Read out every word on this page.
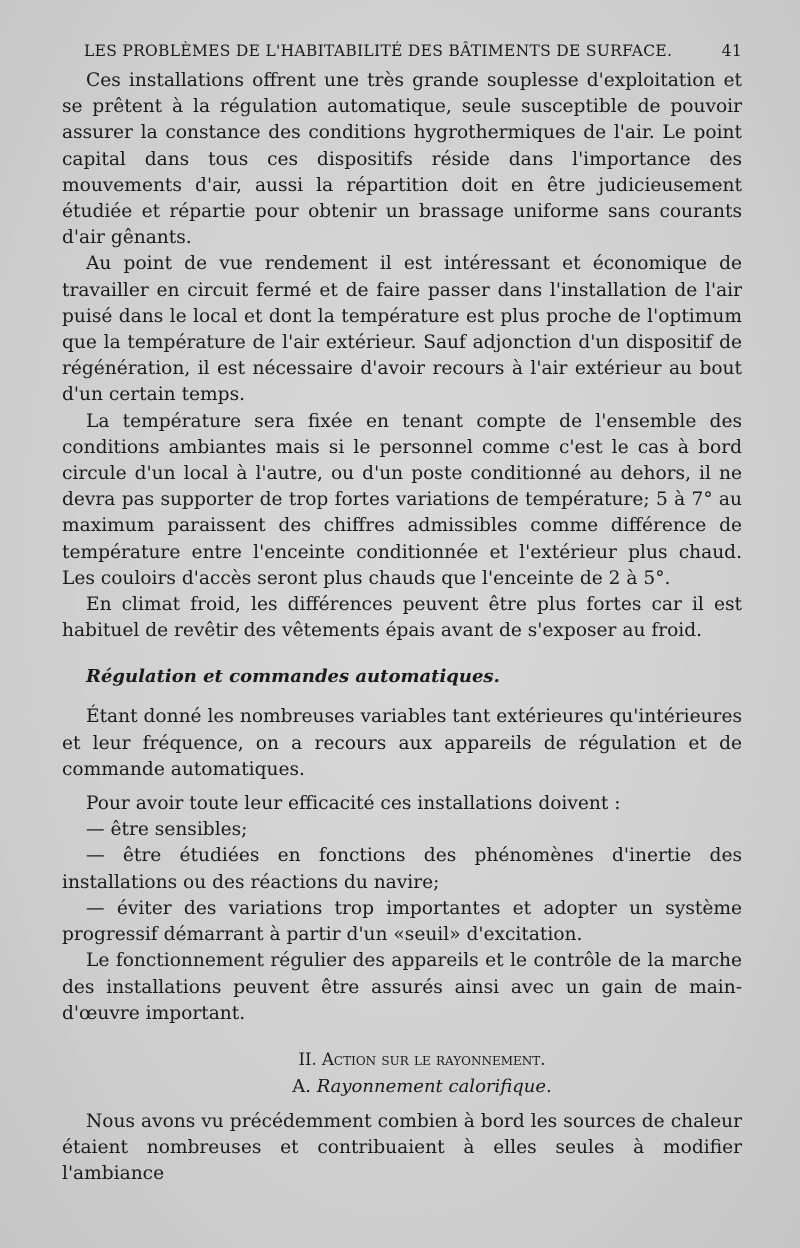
LES PROBLÈMES DE L'HABITABILITÉ DES BÂTIMENTS DE SURFACE.	41

Ces installations offrent une très grande souplesse d'exploitation et se prêtent à la régulation automatique, seule susceptible de pouvoir assurer la constance des conditions hygrothermiques de l'air. Le point capital dans tous ces dispositifs réside dans l'importance des mouvements d'air, aussi la répartition doit en être judicieusement étudiée et répartie pour obtenir un brassage uniforme sans courants d'air gênants.

Au point de vue rendement il est intéressant et économique de travailler en circuit fermé et de faire passer dans l'installation de l'air puisé dans le local et dont la température est plus proche de l'optimum que la température de l'air extérieur. Sauf adjonction d'un dispositif de régénération, il est nécessaire d'avoir recours à l'air extérieur au bout d'un certain temps.

La température sera fixée en tenant compte de l'ensemble des conditions ambiantes mais si le personnel comme c'est le cas à bord circule d'un local à l'autre, ou d'un poste conditionné au dehors, il ne devra pas supporter de trop fortes variations de température; 5 à 7° au maximum paraissent des chiffres admissibles comme différence de température entre l'enceinte conditionnée et l'extérieur plus chaud. Les couloirs d'accès seront plus chauds que l'enceinte de 2 à 5°.

En climat froid, les différences peuvent être plus fortes car il est habituel de revêtir des vêtements épais avant de s'exposer au froid.

Régulation et commandes automatiques.

Étant donné les nombreuses variables tant extérieures qu'intérieures et leur fréquence, on a recours aux appareils de régulation et de commande automatiques.

Pour avoir toute leur efficacité ces installations doivent :

— être sensibles;

— être étudiées en fonctions des phénomènes d'inertie des installations ou des réactions du navire;

— éviter des variations trop importantes et adopter un système progressif démarrant à partir d'un «seuil» d'excitation.

Le fonctionnement régulier des appareils et le contrôle de la marche des installations peuvent être assurés ainsi avec un gain de main-d'œuvre important.

II. Action sur le rayonnement.

A. Rayonnement calorifique.

Nous avons vu précédemment combien à bord les sources de chaleur étaient nombreuses et contribuaient à elles seules à modifier l'ambiance
